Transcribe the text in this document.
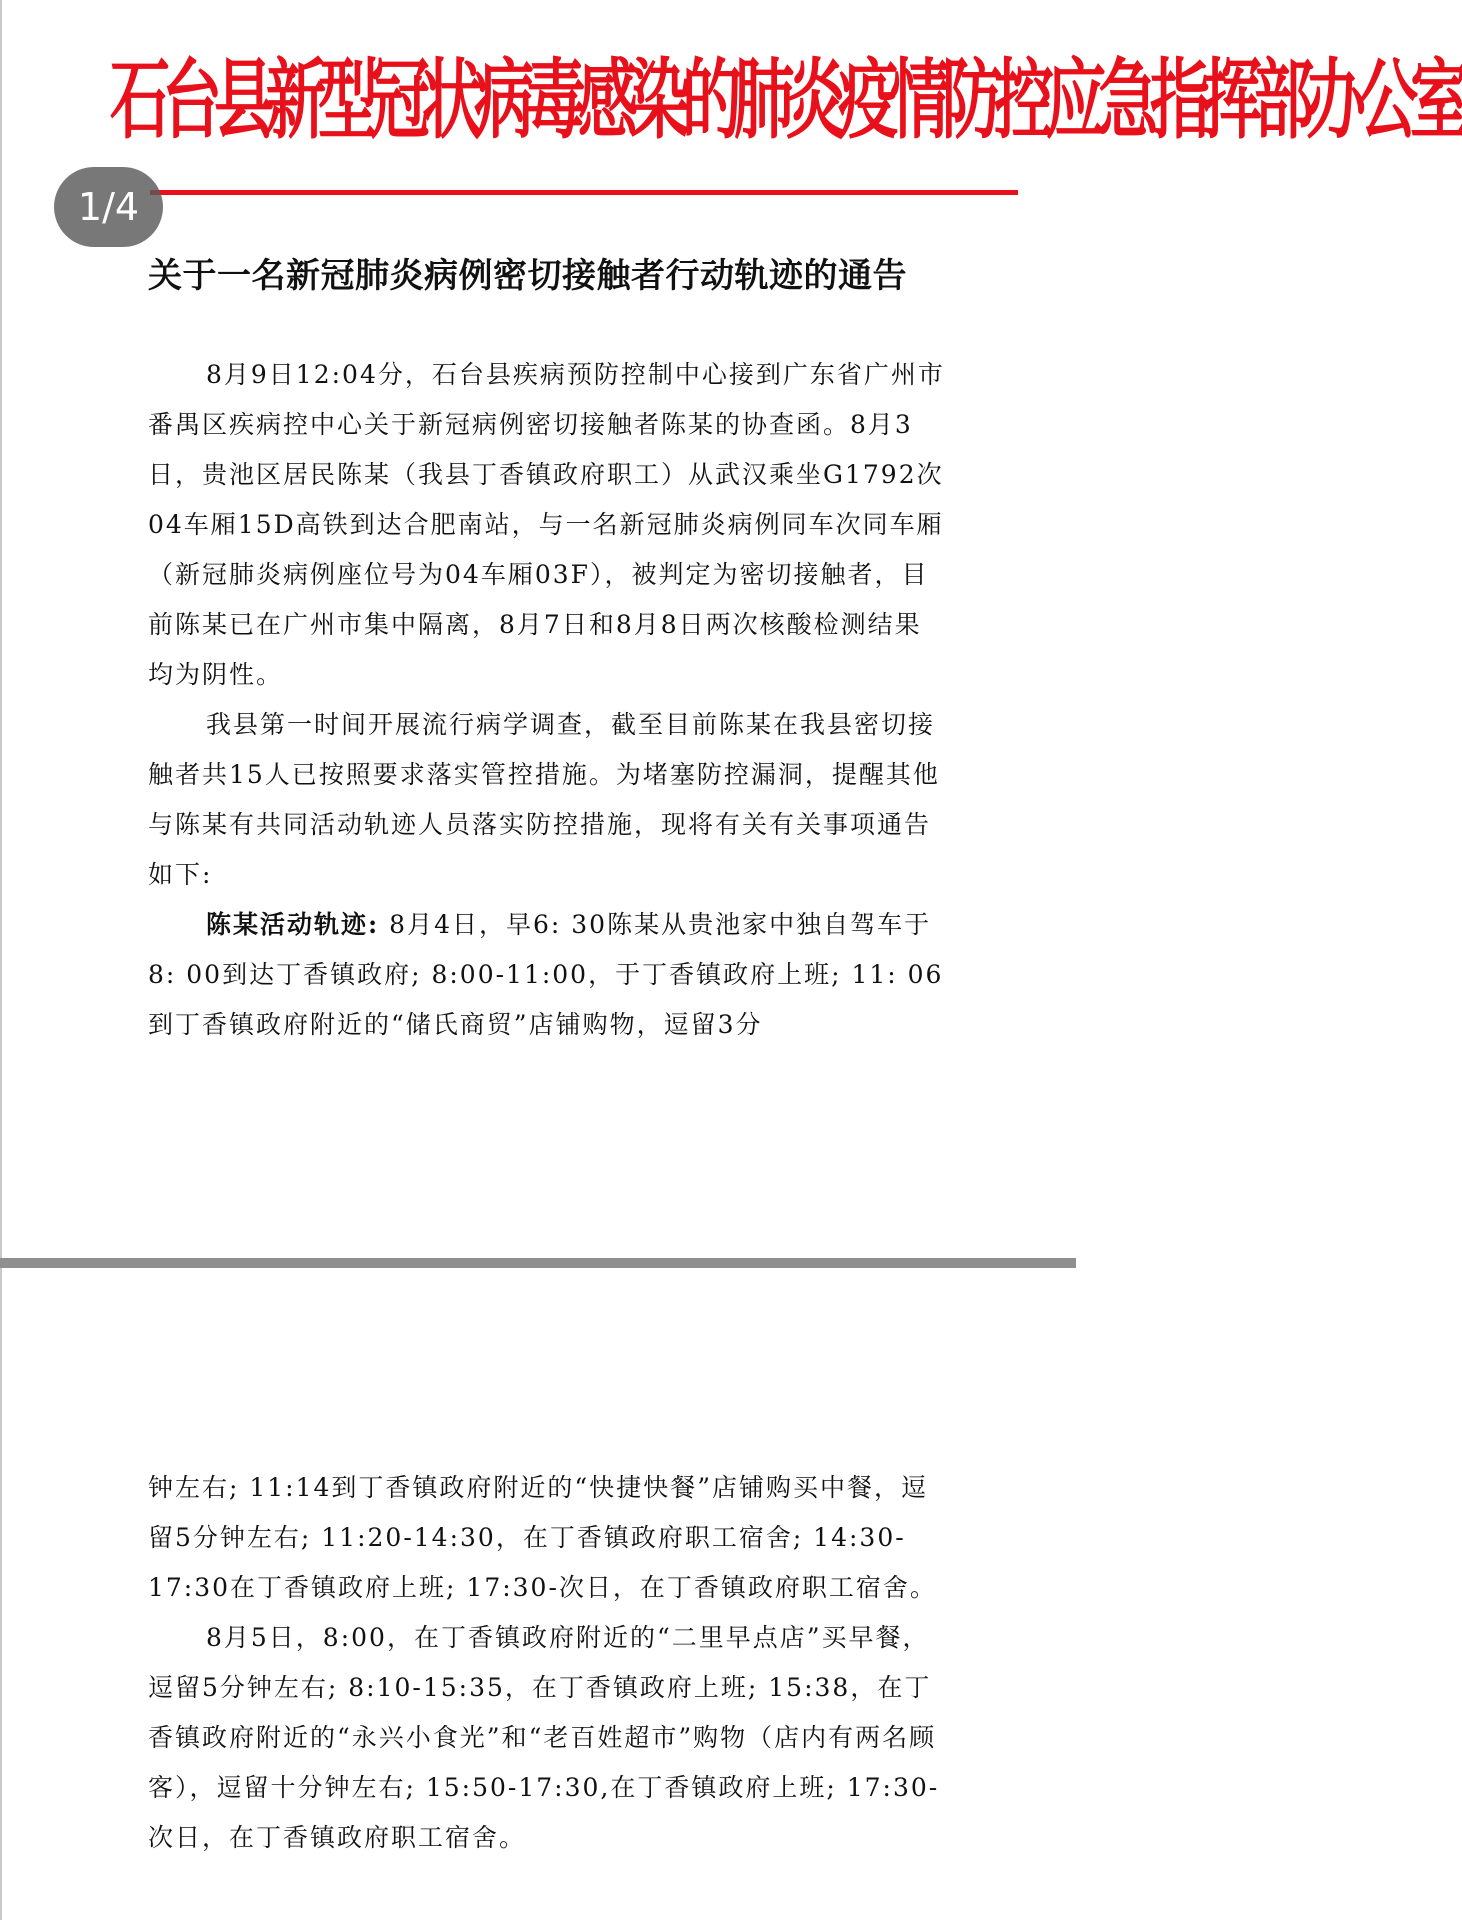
石台县新型冠状病毒感染的肺炎疫情防控应急指挥部办公室
关于一名新冠肺炎病例密切接触者行动轨迹的通告

8月9日12:04分，石台县疾病预防控制中心接到广东省广州市番禺区疾病控中心关于新冠病例密切接触者陈某的协查函。8月3日，贵池区居民陈某（我县丁香镇政府职工）从武汉乘坐G1792次04车厢15D高铁到达合肥南站，与一名新冠肺炎病例同车次同车厢（新冠肺炎病例座位号为04车厢03F），被判定为密切接触者，目前陈某已在广州市集中隔离，8月7日和8月8日两次核酸检测结果均为阴性。

我县第一时间开展流行病学调查，截至目前陈某在我县密切接触者共15人已按照要求落实管控措施。为堵塞防控漏洞，提醒其他与陈某有共同活动轨迹人员落实防控措施，现将有关有关事项通告如下:

陈某活动轨迹: 8月4日，早6: 30陈某从贵池家中独自驾车于8: 00到达丁香镇政府; 8:00-11:00，于丁香镇政府上班; 11: 06到丁香镇政府附近的“储氏商贸”店铺购物，逗留3分

钟左右; 11:14到丁香镇政府附近的“快捷快餐”店铺购买中餐，逗留5分钟左右; 11:20-14:30，在丁香镇政府职工宿舍; 14:30-17:30在丁香镇政府上班; 17:30-次日，在丁香镇政府职工宿舍。

8月5日，8:00，在丁香镇政府附近的“二里早点店”买早餐，逗留5分钟左右; 8:10-15:35，在丁香镇政府上班; 15:38，在丁香镇政府附近的“永兴小食光”和“老百姓超市”购物（店内有两名顾客），逗留十分钟左右; 15:50-17:30,在丁香镇政府上班; 17:30-次日，在丁香镇政府职工宿舍。

1/4
